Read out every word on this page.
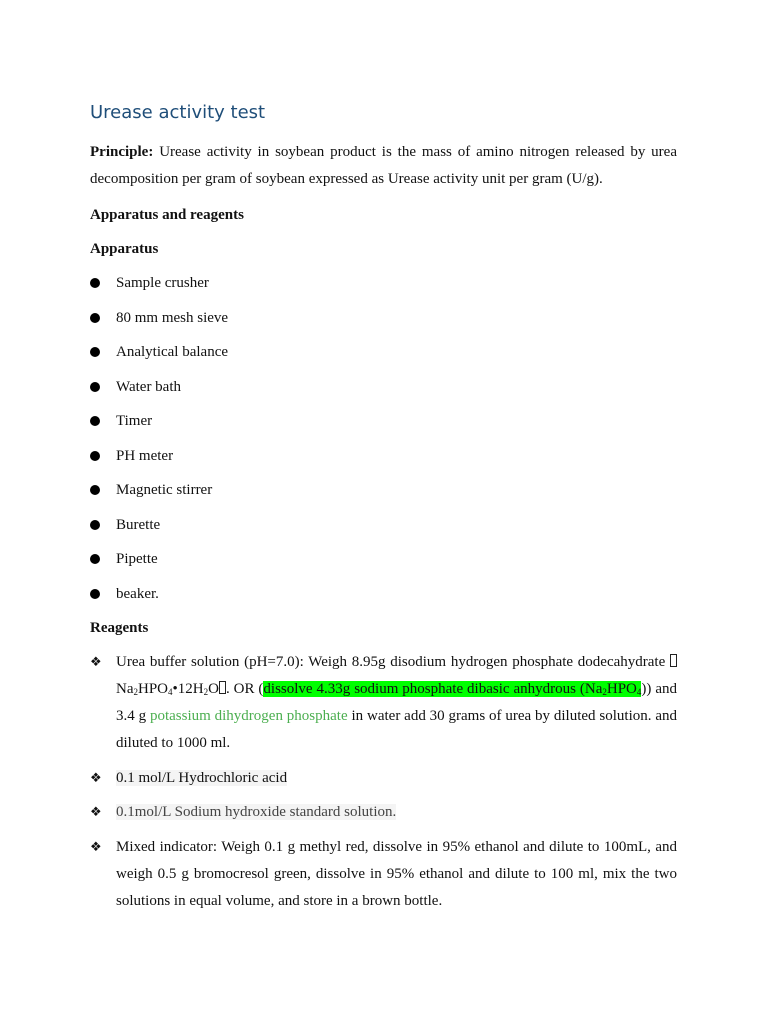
Urease activity test

Principle: Urease activity in soybean product is the mass of amino nitrogen released by urea decomposition per gram of soybean expressed as Urease activity unit per gram (U/g).

Apparatus and reagents
Apparatus
Sample crusher
80 mm mesh sieve
Analytical balance
Water bath
Timer
PH meter
Magnetic stirrer
Burette
Pipette
beaker.
Reagents
❖ Urea buffer solution (pH=7.0): Weigh 8.95g disodium hydrogen phosphate dodecahydrate $Na_2HPO_4•12H_2O$ . OR (dissolve 4.33g sodium phosphate dibasic anhydrous $(Na_2HPO_4)$) and 3.4 g potassium dihydrogen phosphate in water add 30 grams of urea by diluted solution. and diluted to 1000 ml.
❖ 0.1 mol/L Hydrochloric acid
❖ 0.1mol/L Sodium hydroxide standard solution.
❖ Mixed indicator: Weigh 0.1 g methyl red, dissolve in 95% ethanol and dilute to 100mL, and weigh 0.5 g bromocresol green, dissolve in 95% ethanol and dilute to 100 ml, mix the two solutions in equal volume, and store in a brown bottle.
